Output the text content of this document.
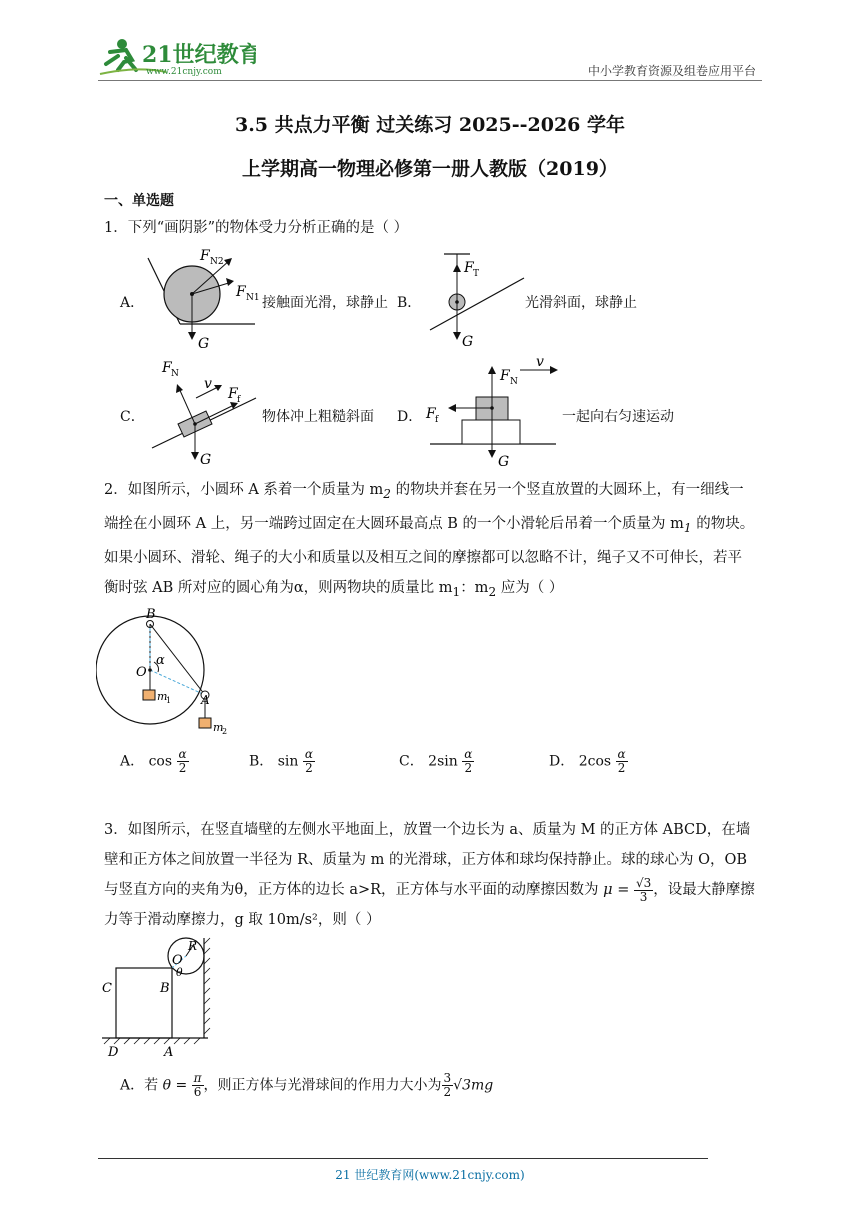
21世纪教育
www.21cnjy.com	中小学教育资源及组卷应用平台
3.5 共点力平衡 过关练习 2025--2026 学年
上学期高一物理必修第一册人教版（2019）
一、单选题
1．下列“画阴影”的物体受力分析正确的是（ ）
A．
F N2
F N1
G
接触面光滑，球静止 B．
F T
G
光滑斜面，球静止
C．
F N
v
F f
G
物体冲上粗糙斜面 D．
F N
v
F f
G
一起向右匀速运动
2．如图所示，小圆环 A 系着一个质量为 $m_2$ 的物块并套在另一个竖直放置的大圆环上，有一细线一
端拴在小圆环 A 上，另一端跨过固定在大圆环最高点 B 的一个小滑轮后吊着一个质量为 $m_1$ 的物块。
如果小圆环、滑轮、绳子的大小和质量以及相互之间的摩擦都可以忽略不计，绳子又不可伸长，若平
衡时弦 AB 所对应的圆心角为α，则两物块的质量比 $m_1$：$m_2$ 应为（ ）
B
O
α
A
m
1
m
2
A． $\cos \frac{\alpha}{2}$	B． $\sin \frac{\alpha}{2}$	C． $2\sin \frac{\alpha}{2}$	D． $2\cos \frac{\alpha}{2}$
3．如图所示，在竖直墙壁的左侧水平地面上，放置一个边长为 a、质量为 M 的正方体 ABCD，在墙
壁和正方体之间放置一半径为 R、质量为 m 的光滑球，正方体和球均保持静止。球的球心为 O，OB
与竖直方向的夹角为θ，正方体的边长 a>R，正方体与水平面的动摩擦因数为 $\mu = \frac{√3}{3}$ ，设最大静摩擦
力等于滑动摩擦力，g 取 10m/s²，则（ ）
O
R
θ
B
C
D	A
A．若 $\theta = \frac{\pi}{6}$ ，则正方体与光滑球间的作用力大小为 $\frac{3}{2} √3mg$
21 世纪教育网(www.21cnjy.com)
